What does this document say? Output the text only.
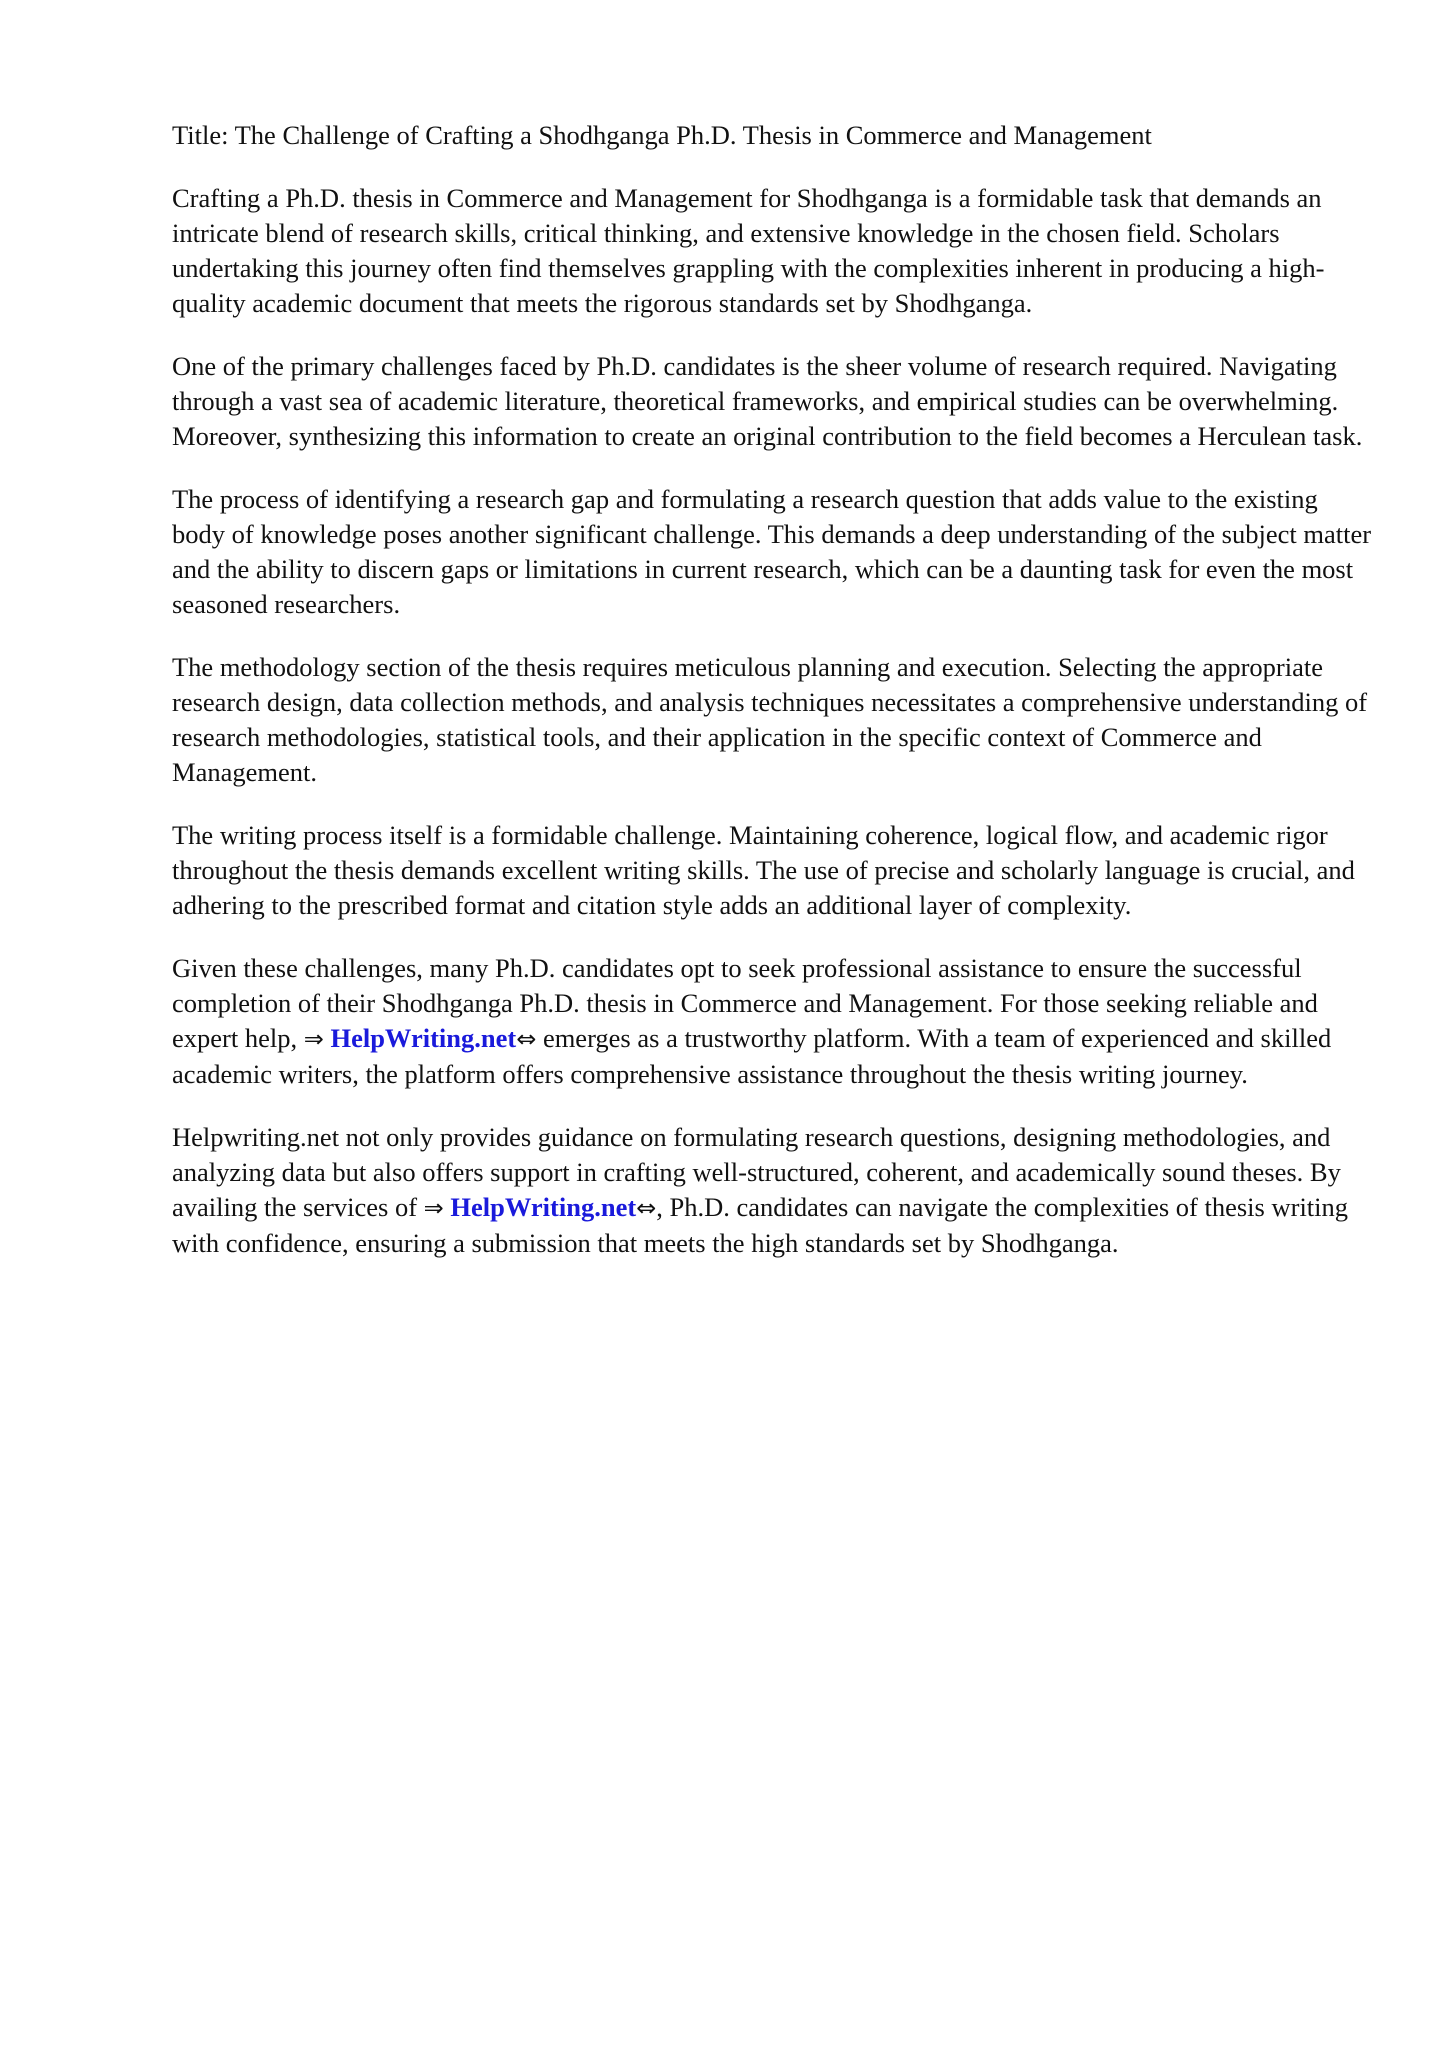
Title: The Challenge of Crafting a Shodhganga Ph.D. Thesis in Commerce and Management

Crafting a Ph.D. thesis in Commerce and Management for Shodhganga is a formidable task that demands an intricate blend of research skills, critical thinking, and extensive knowledge in the chosen field. Scholars undertaking this journey often find themselves grappling with the complexities inherent in producing a high-quality academic document that meets the rigorous standards set by Shodhganga.

One of the primary challenges faced by Ph.D. candidates is the sheer volume of research required. Navigating through a vast sea of academic literature, theoretical frameworks, and empirical studies can be overwhelming. Moreover, synthesizing this information to create an original contribution to the field becomes a Herculean task.

The process of identifying a research gap and formulating a research question that adds value to the existing body of knowledge poses another significant challenge. This demands a deep understanding of the subject matter and the ability to discern gaps or limitations in current research, which can be a daunting task for even the most seasoned researchers.

The methodology section of the thesis requires meticulous planning and execution. Selecting the appropriate research design, data collection methods, and analysis techniques necessitates a comprehensive understanding of research methodologies, statistical tools, and their application in the specific context of Commerce and Management.

The writing process itself is a formidable challenge. Maintaining coherence, logical flow, and academic rigor throughout the thesis demands excellent writing skills. The use of precise and scholarly language is crucial, and adhering to the prescribed format and citation style adds an additional layer of complexity.

Given these challenges, many Ph.D. candidates opt to seek professional assistance to ensure the successful completion of their Shodhganga Ph.D. thesis in Commerce and Management. For those seeking reliable and expert help, ⇒ HelpWriting.net⇔ emerges as a trustworthy platform. With a team of experienced and skilled academic writers, the platform offers comprehensive assistance throughout the thesis writing journey.

Helpwriting.net not only provides guidance on formulating research questions, designing methodologies, and analyzing data but also offers support in crafting well-structured, coherent, and academically sound theses. By availing the services of ⇒ HelpWriting.net⇔, Ph.D. candidates can navigate the complexities of thesis writing with confidence, ensuring a submission that meets the high standards set by Shodhganga.
